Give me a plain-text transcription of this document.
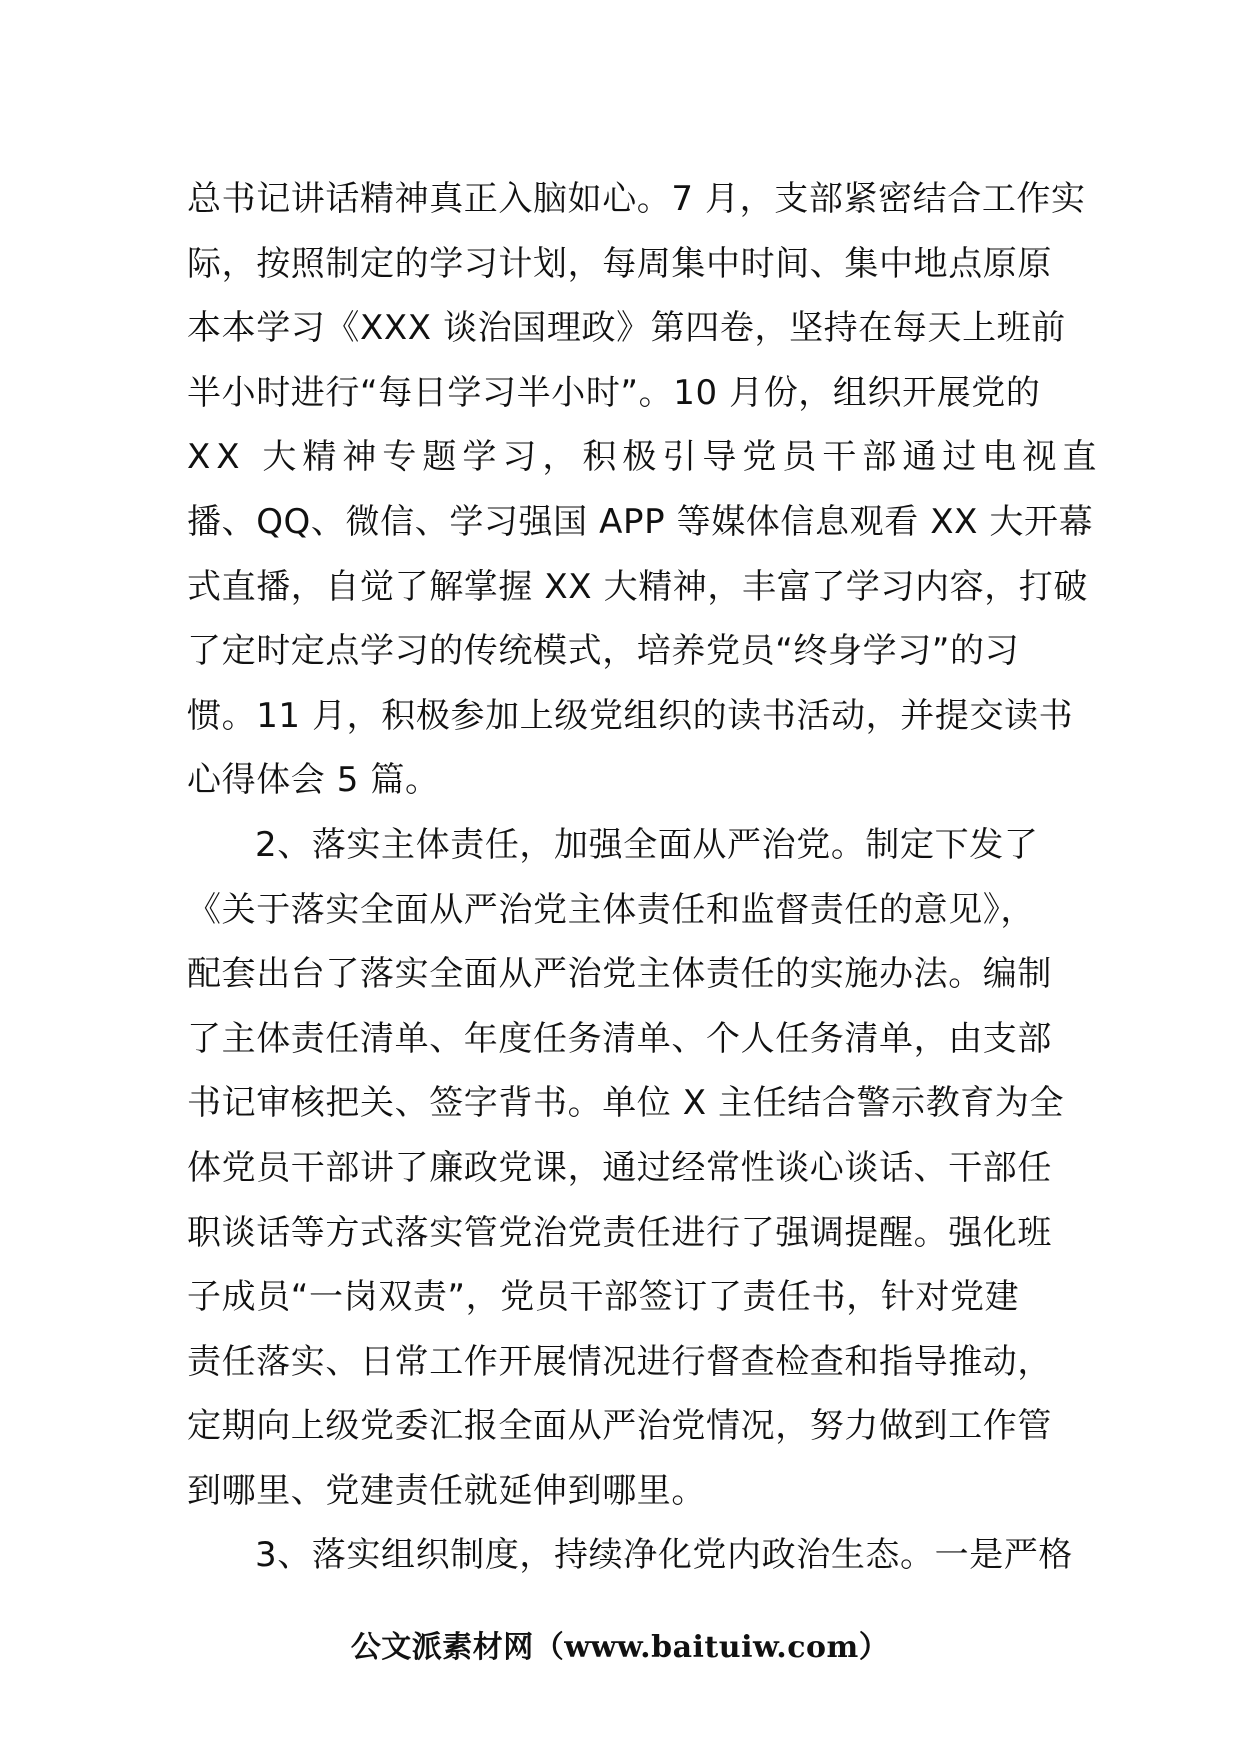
总书记讲话精神真正入脑如心。7 月，支部紧密结合工作实
际，按照制定的学习计划，每周集中时间、集中地点原原
本本学习《XXX 谈治国理政》第四卷，坚持在每天上班前
半小时进行“每日学习半小时”。10 月份，组织开展党的
XX 大精神专题学习，积极引导党员干部通过电视直
播、QQ、微信、学习强国 APP 等媒体信息观看 XX 大开幕
式直播，自觉了解掌握 XX 大精神，丰富了学习内容，打破
了定时定点学习的传统模式，培养党员“终身学习”的习
惯。11 月，积极参加上级党组织的读书活动，并提交读书
心得体会 5 篇。
2、落实主体责任，加强全面从严治党。制定下发了
《关于落实全面从严治党主体责任和监督责任的意见》，
配套出台了落实全面从严治党主体责任的实施办法。编制
了主体责任清单、年度任务清单、个人任务清单，由支部
书记审核把关、签字背书。单位 X 主任结合警示教育为全
体党员干部讲了廉政党课，通过经常性谈心谈话、干部任
职谈话等方式落实管党治党责任进行了强调提醒。强化班
子成员“一岗双责”，党员干部签订了责任书，针对党建
责任落实、日常工作开展情况进行督查检查和指导推动，
定期向上级党委汇报全面从严治党情况，努力做到工作管
到哪里、党建责任就延伸到哪里。
3、落实组织制度，持续净化党内政治生态。一是严格
公文派素材网（www.baituiw.com）
